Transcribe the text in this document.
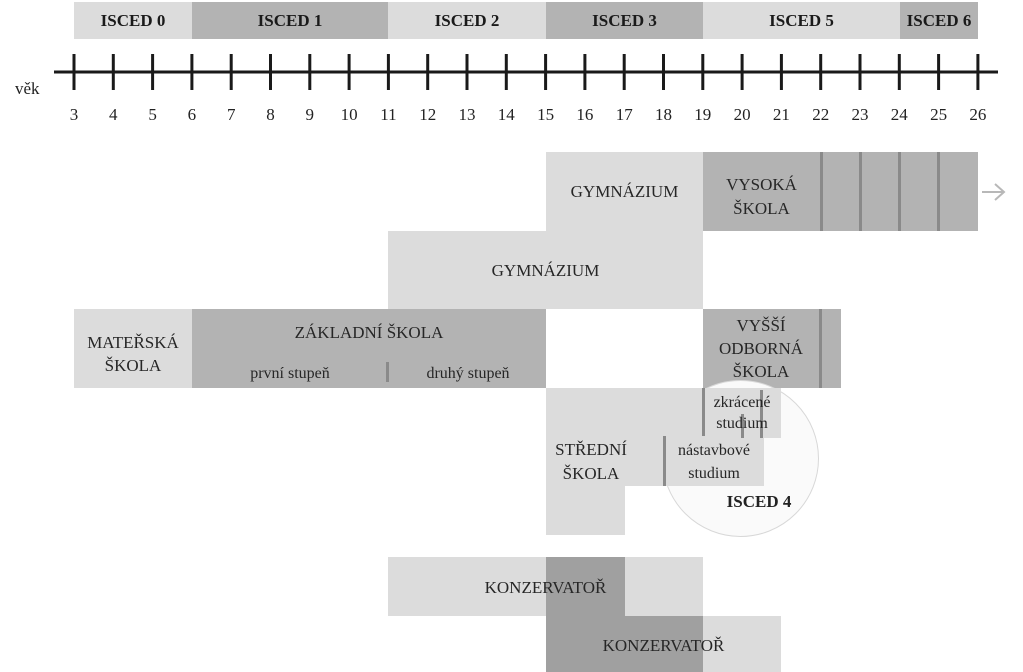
ISCED 0	ISCED 1	ISCED 2	ISCED 3	ISCED 5	ISCED 6
věk
3	4	5	6	7	8	9	10	11	12	13	14	15	16	17	18	19	20	21	22	23	24	25	26
GYMNÁZIUM	VYSOKÁ
ŠKOLA
GYMNÁZIUM
MATEŘSKÁ
ŠKOLA
ZÁKLADNÍ ŠKOLA
první stupeň	druhý stupeň
VYŠŠÍ
ODBORNÁ
ŠKOLA
STŘEDNÍ
ŠKOLA
zkrácené
studium
nástavbové
studium
ISCED 4
KONZERVATOŘ
KONZERVATOŘ
